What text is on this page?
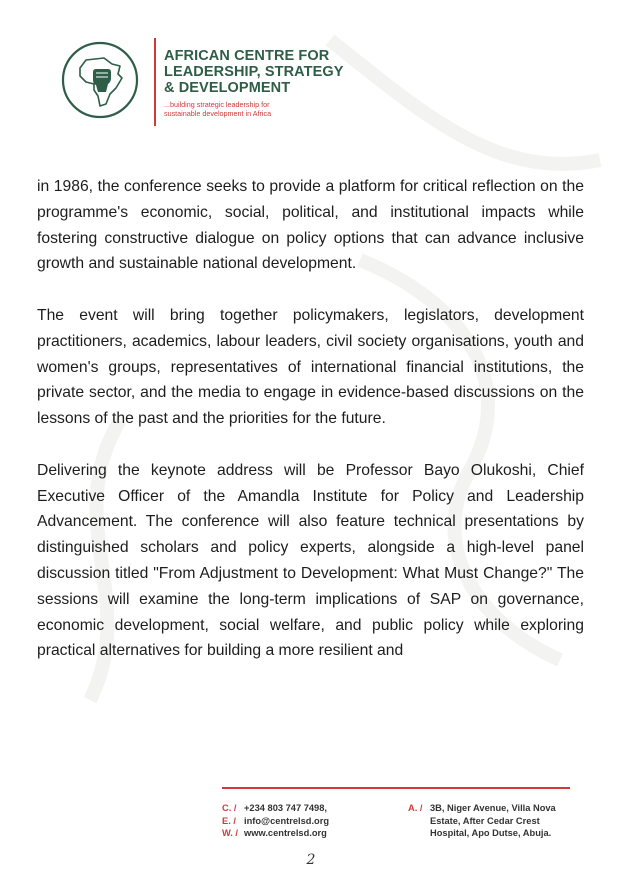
AFRICAN CENTRE FOR
LEADERSHIP, STRATEGY
& DEVELOPMENT
...building strategic leadership for
sustainable development in Africa

in 1986, the conference seeks to provide a platform for critical reflection on the programme's economic, social, political, and institutional impacts while fostering constructive dialogue on policy options that can advance inclusive growth and sustainable national development.

The event will bring together policymakers, legislators, development practitioners, academics, labour leaders, civil society organisations, youth and women's groups, representatives of international financial institutions, the private sector, and the media to engage in evidence-based discussions on the lessons of the past and the priorities for the future.

Delivering the keynote address will be Professor Bayo Olukoshi, Chief Executive Officer of the Amandla Institute for Policy and Leadership Advancement. The conference will also feature technical presentations by distinguished scholars and policy experts, alongside a high-level panel discussion titled "From Adjustment to Development: What Must Change?" The sessions will examine the long-term implications of SAP on governance, economic development, social welfare, and public policy while exploring practical alternatives for building a more resilient and

C. / +234 803 747 7498,
E. / info@centrelsd.org
W. / www.centrelsd.org
A. / 3B, Niger Avenue, Villa Nova
Estate, After Cedar Crest
Hospital, Apo Dutse, Abuja.
2
